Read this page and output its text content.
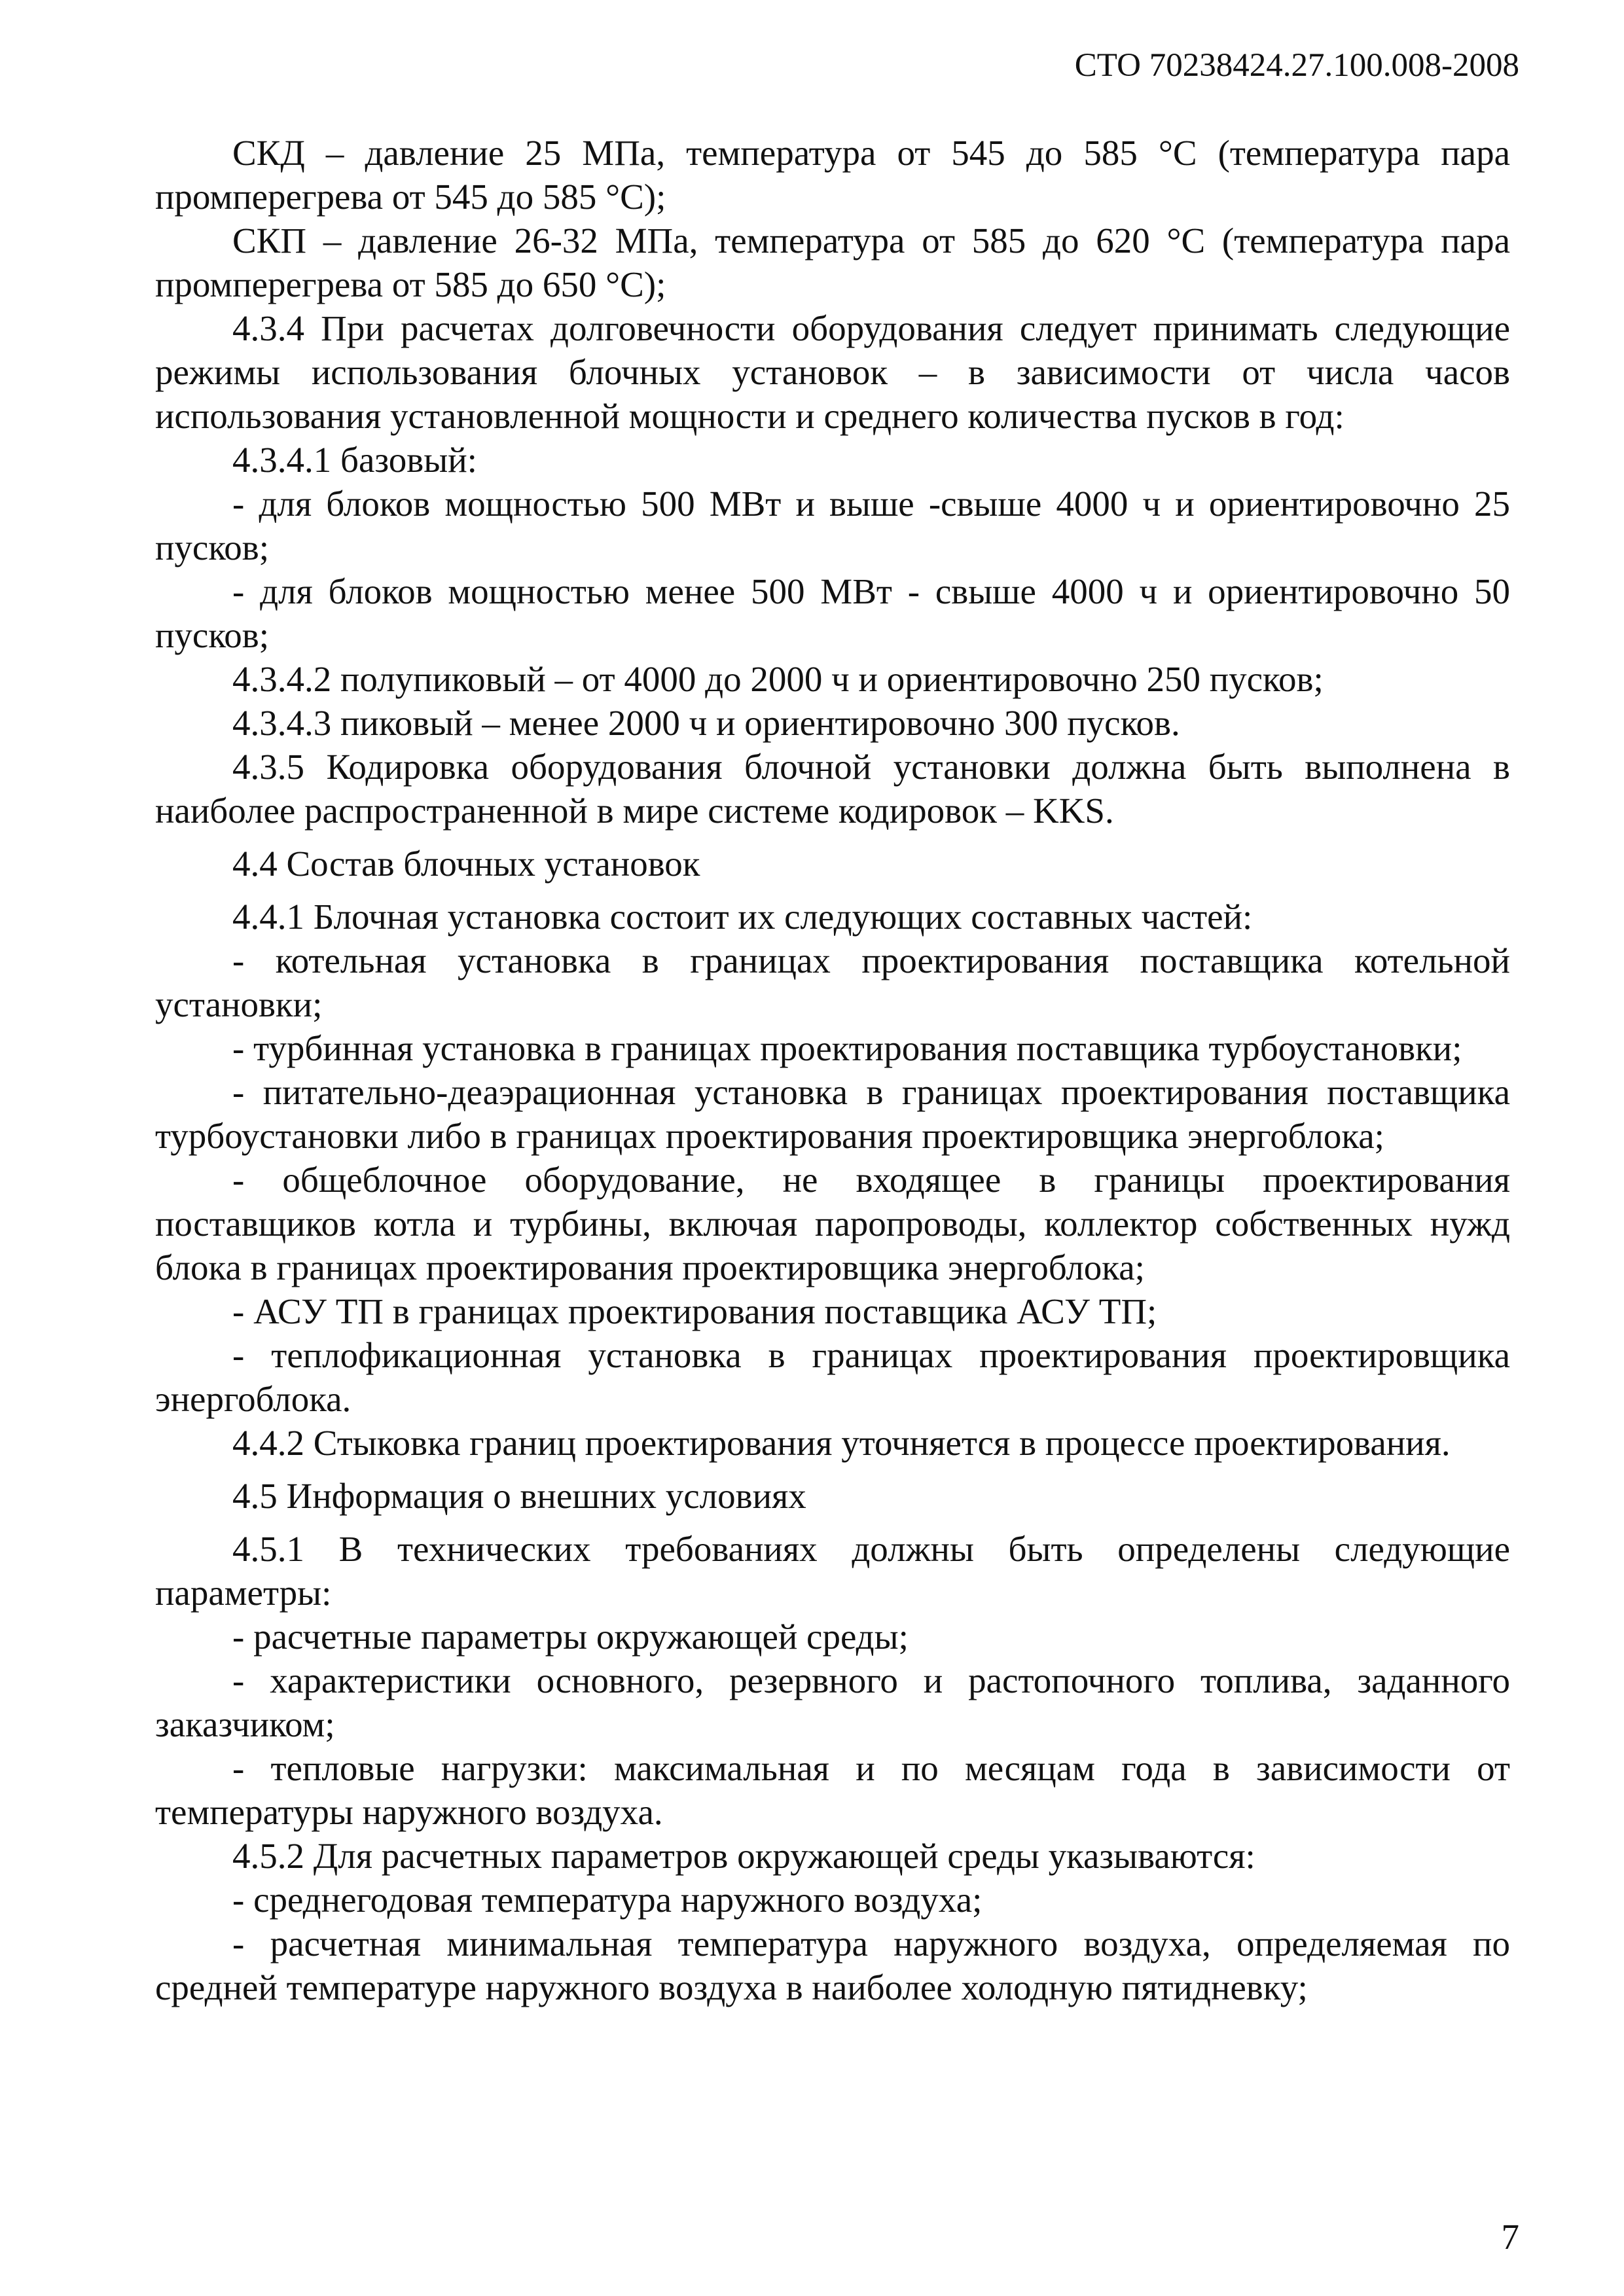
СТО 70238424.27.100.008-2008

СКД – давление 25 МПа, температура от 545 до 585 °С (температура пара промперегрева от 545 до 585 °С);

СКП – давление 26-32 МПа, температура от 585 до 620 °С (температура пара промперегрева от 585 до 650 °С);

4.3.4 При расчетах долговечности оборудования следует принимать следующие режимы использования блочных установок – в зависимости от числа часов использования установленной мощности и среднего количества пусков в год:

4.3.4.1 базовый:

- для блоков мощностью 500 МВт и выше -свыше 4000 ч и ориентировочно 25 пусков;

- для блоков мощностью менее 500 МВт - свыше 4000 ч и ориентировочно 50 пусков;

4.3.4.2 полупиковый – от 4000 до 2000 ч и ориентировочно 250 пусков;

4.3.4.3 пиковый – менее 2000 ч и ориентировочно 300 пусков.

4.3.5 Кодировка оборудования блочной установки должна быть выполнена в наиболее распространенной в мире системе кодировок – KKS.

4.4 Состав блочных установок

4.4.1 Блочная установка состоит их следующих составных частей:

- котельная установка в границах проектирования поставщика котельной установки;

- турбинная установка в границах проектирования поставщика турбоустановки;

- питательно-деаэрационная установка в границах проектирования поставщика турбоустановки либо в границах проектирования проектировщика энергоблока;

- общеблочное оборудование, не входящее в границы проектирования поставщиков котла и турбины, включая паропроводы, коллектор собственных нужд блока в границах проектирования проектировщика энергоблока;

- АСУ ТП в границах проектирования поставщика АСУ ТП;

- теплофикационная установка в границах проектирования проектировщика энергоблока.

4.4.2 Стыковка границ проектирования уточняется в процессе проектирования.

4.5 Информация о внешних условиях

4.5.1 В технических требованиях должны быть определены следующие параметры:

- расчетные параметры окружающей среды;

- характеристики основного, резервного и растопочного топлива, заданного заказчиком;

- тепловые нагрузки: максимальная и по месяцам года в зависимости от температуры наружного воздуха.

4.5.2 Для расчетных параметров окружающей среды указываются:

- среднегодовая температура наружного воздуха;

- расчетная минимальная температура наружного воздуха, определяемая по средней температуре наружного воздуха в наиболее холодную пятидневку;

7
